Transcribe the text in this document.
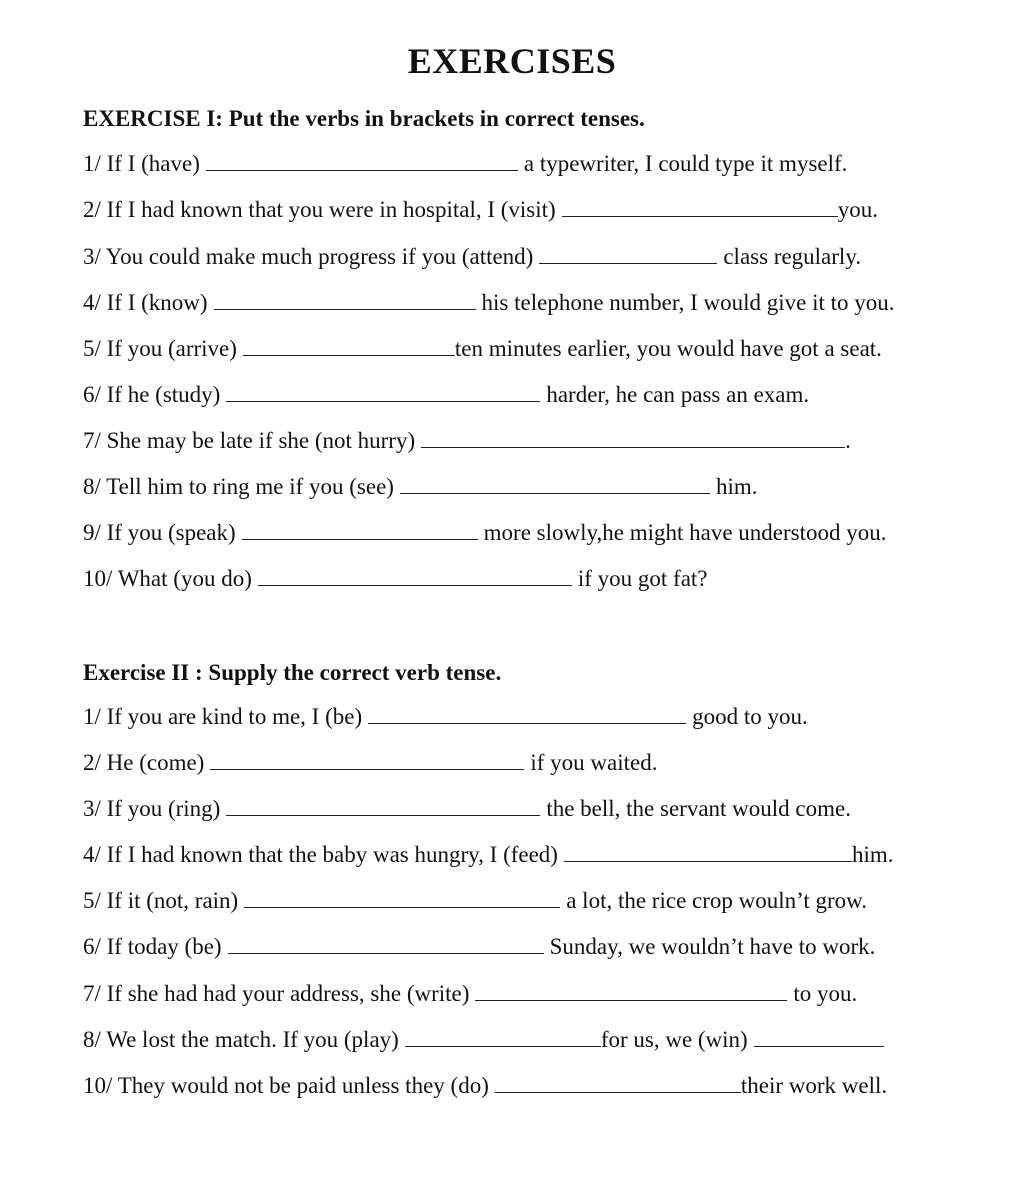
EXERCISES
EXERCISE I: Put the verbs in brackets in correct tenses.
1/ If I (have)	a typewriter, I could type it myself.
2/ If I had known that you were in hospital, I (visit)	you.
3/ You could make much progress if you (attend)	class regularly.
4/ If I (know)	his telephone number, I would give it to you.
5/ If you (arrive)	ten minutes earlier, you would have got a seat.
6/ If he (study)	harder, he can pass an exam.
7/ She may be late if she (not hurry)	.
8/ Tell him to ring me if you (see)	him.
9/ If you (speak)	more slowly,he might have understood you.
10/ What (you do)	if you got fat?
Exercise II : Supply the correct verb tense.
1/ If you are kind to me, I (be)	good to you.
2/ He (come)	if you waited.
3/ If you (ring)	the bell, the servant would come.
4/ If I had known that the baby was hungry, I (feed)	him.
5/ If it (not, rain)	a lot, the rice crop wouln’t grow.
6/ If today (be)	Sunday, we wouldn’t have to work.
7/ If she had had your address, she (write)	to you.
8/ We lost the match. If you (play)	for us, we (win)
10/ They would not be paid unless they (do)	their work well.
